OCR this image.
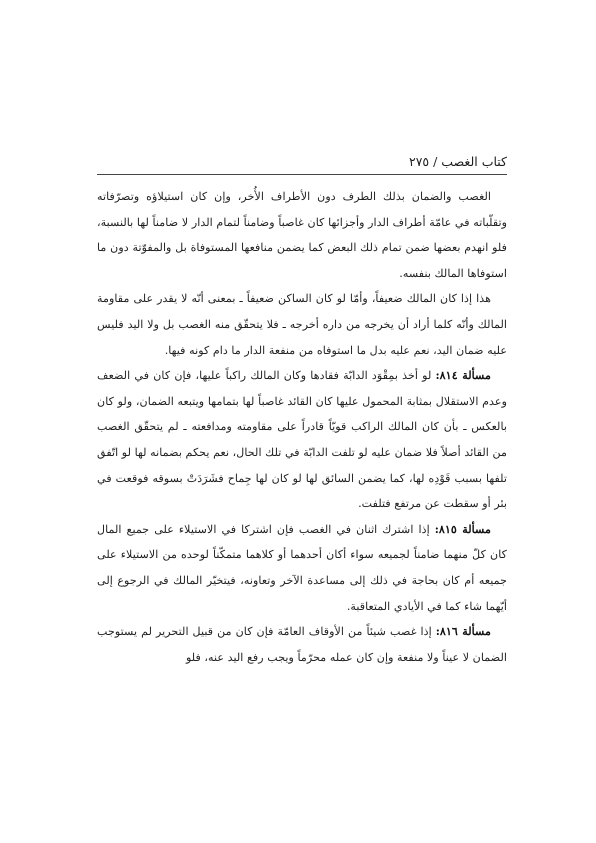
كتاب الغصب / ٢٧٥

الغصب والضمان بذلك الطرف دون الأطراف الأُخر، وإن كان استيلاؤه وتصرّفاته وتقلّباته في عامّة أطراف الدار وأجزائها كان غاصباً وضامناً لتمام الدار لا ضامناً لها بالنسبة، فلو انهدم بعضها ضمن تمام ذلك البعض كما يضمن منافعها المستوفاة بل والمفوّتة دون ما استوفاها المالك بنفسه.

هذا إذا كان المالك ضعيفاً، وأمّا لو كان الساكن ضعيفاً ـ بمعنى أنّه لا يقدر على مقاومة المالك وأنّه كلما أراد أن يخرجه من داره أخرجه ـ فلا يتحقّق منه الغصب بل ولا اليد فليس عليه ضمان اليد، نعم عليه بدل ما استوفاه من منفعة الدار ما دام كونه فيها.

مسألة ٨١٤: لو أخذ بمِقْوَد الدابّة فقادها وكان المالك راكباً عليها، فإن كان في الضعف وعدم الاستقلال بمثابة المحمول عليها كان القائد غاصباً لها بتمامها ويتبعه الضمان، ولو كان بالعكس ـ بأن كان المالك الراكب قويّاً قادراً على مقاومته ومدافعته ـ لم يتحقّق الغصب من القائد أصلاً فلا ضمان عليه لو تلفت الدابّة في تلك الحال، نعم يحكم بضمانه لها لو اتّفق تلفها بسبب قَوْدِه لها، كما يضمن السائق لها لو كان لها جِماح فشَرَدَتْ بسوقه فوقعت في بئر أو سقطت عن مرتفع فتلفت.

مسألة ٨١٥: إذا اشترك اثنان في الغصب فإن اشتركا في الاستيلاء على جميع المال كان كلّ منهما ضامناً لجميعه سواء أكان أحدهما أو كلاهما متمكّناً لوحده من الاستيلاء على جميعه أم كان بحاجة في ذلك إلى مساعدة الآخر وتعاونه، فيتخيّر المالك في الرجوع إلى أيّهما شاء كما في الأيادي المتعاقبة.

مسألة ٨١٦: إذا غصب شيئاً من الأوقاف العامّة فإن كان من قبيل التحرير لم يستوجب الضمان لا عيناً ولا منفعة وإن كان عمله محرّماً ويجب رفع اليد عنه، فلو
